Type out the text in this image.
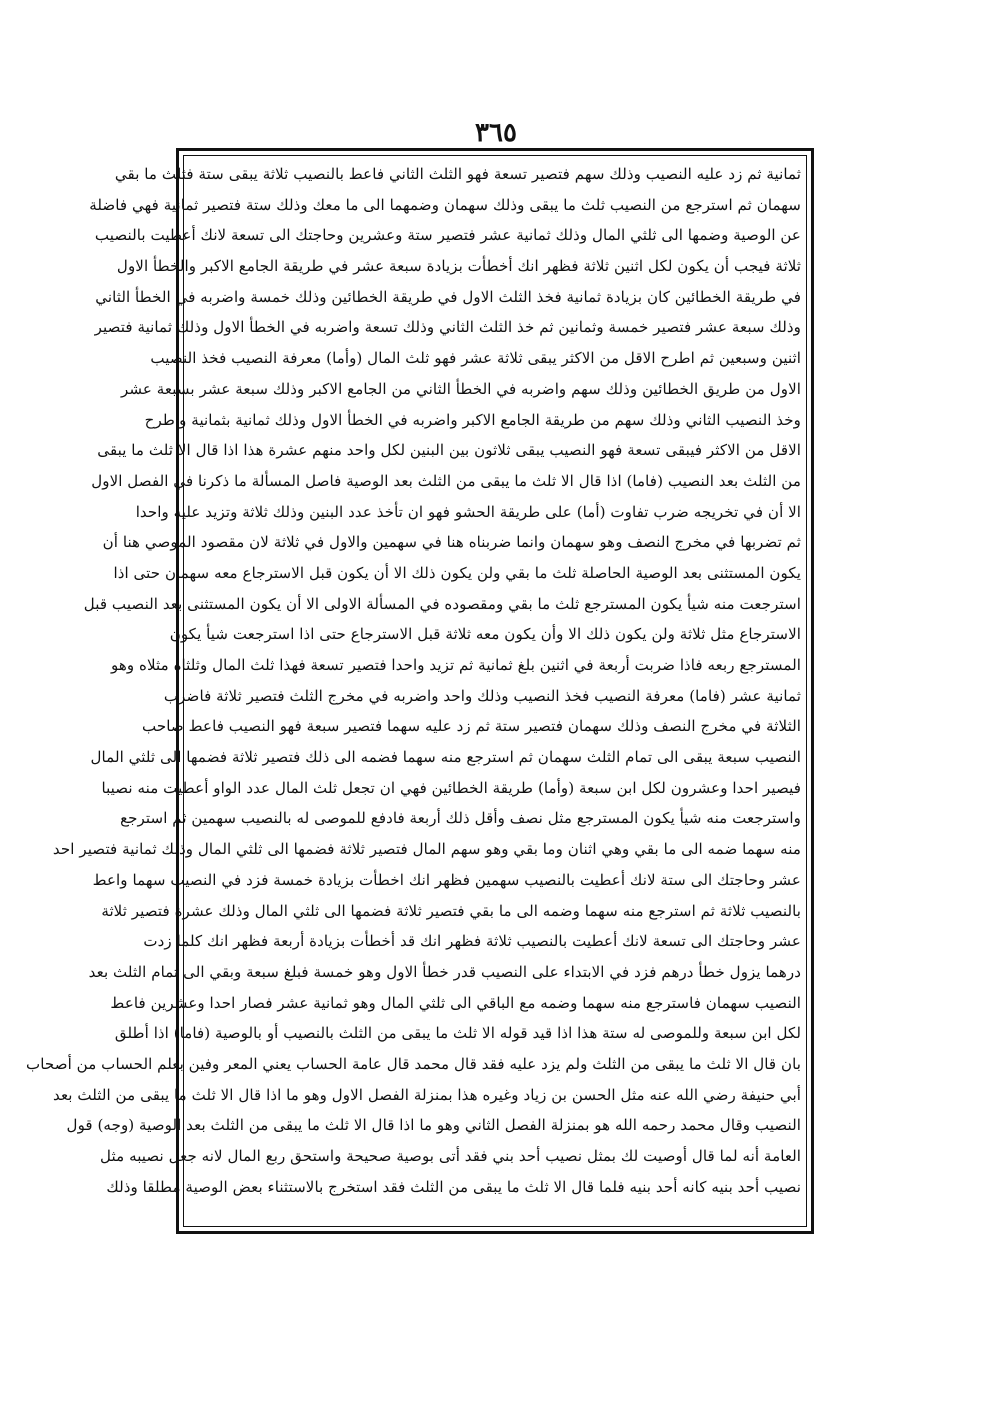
٣٦٥
ثمانية ثم زد عليه النصيب وذلك سهم فتصير تسعة فهو الثلث الثاني فاعط بالنصيب ثلاثة يبقى ستة فثلث ما بقي
سهمان ثم استرجع من النصيب ثلث ما يبقى وذلك سهمان وضمهما الى ما معك وذلك ستة فتصير ثمانية فهي فاضلة
عن الوصية وضمها الى ثلثي المال وذلك ثمانية عشر فتصير ستة وعشرين وحاجتك الى تسعة لانك أعطيت بالنصيب
ثلاثة فيجب أن يكون لكل اثنين ثلاثة فظهر انك أخطأت بزيادة سبعة عشر في طريقة الجامع الاكبر والخطأ الاول
في طريقة الخطائين كان بزيادة ثمانية فخذ الثلث الاول في طريقة الخطائين وذلك خمسة واضربه في الخطأ الثاني
وذلك سبعة عشر فتصير خمسة وثمانين ثم خذ الثلث الثاني وذلك تسعة واضربه في الخطأ الاول وذلك ثمانية فتصير
اثنين وسبعين ثم اطرح الاقل من الاكثر يبقى ثلاثة عشر فهو ثلث المال (وأما) معرفة النصيب فخذ النصيب
الاول من طريق الخطائين وذلك سهم واضربه في الخطأ الثاني من الجامع الاكبر وذلك سبعة عشر بسبعة عشر
وخذ النصيب الثاني وذلك سهم من طريقة الجامع الاكبر واضربه في الخطأ الاول وذلك ثمانية بثمانية واطرح
الاقل من الاكثر فيبقى تسعة فهو النصيب يبقى ثلاثون بين البنين لكل واحد منهم عشرة هذا اذا قال الا ثلث ما يبقى
من الثلث بعد النصيب (فاما) اذا قال الا ثلث ما يبقى من الثلث بعد الوصية فاصل المسألة ما ذكرنا في الفصل الاول
الا أن في تخريجه ضرب تفاوت (أما) على طريقة الحشو فهو ان تأخذ عدد البنين وذلك ثلاثة وتزيد عليه واحدا
ثم تضربها في مخرج النصف وهو سهمان وانما ضربناه هنا في سهمين والاول في ثلاثة لان مقصود الموصي هنا أن
يكون المستثنى بعد الوصية الحاصلة ثلث ما بقي ولن يكون ذلك الا أن يكون قبل الاسترجاع معه سهمان حتى اذا
استرجعت منه شيأ يكون المسترجع ثلث ما بقي ومقصوده في المسألة الاولى الا أن يكون المستثنى بعد النصيب قبل
الاسترجاع مثل ثلاثة ولن يكون ذلك الا وأن يكون معه ثلاثة قبل الاسترجاع حتى اذا استرجعت شيأ يكون
المسترجع ربعه فاذا ضربت أربعة في اثنين بلغ ثمانية ثم تزيد واحدا فتصير تسعة فهذا ثلث المال وثلثاه مثلاه وهو
ثمانية عشر (فاما) معرفة النصيب فخذ النصيب وذلك واحد واضربه في مخرج الثلث فتصير ثلاثة فاضرب
الثلاثة في مخرج النصف وذلك سهمان فتصير ستة ثم زد عليه سهما فتصير سبعة فهو النصيب فاعط صاحب
النصيب سبعة يبقى الى تمام الثلث سهمان ثم استرجع منه سهما فضمه الى ذلك فتصير ثلاثة فضمها الى ثلثي المال
فيصير احدا وعشرون لكل ابن سبعة (وأما) طريقة الخطائين فهي ان تجعل ثلث المال عدد الواو أعطيت منه نصيبا
واسترجعت منه شيأ يكون المسترجع مثل نصف وأقل ذلك أربعة فادفع للموصى له بالنصيب سهمين ثم استرجع
منه سهما ضمه الى ما بقي وهي اثنان وما بقي وهو سهم المال فتصير ثلاثة فضمها الى ثلثي المال وذلك ثمانية فتصير احد
عشر وحاجتك الى ستة لانك أعطيت بالنصيب سهمين فظهر انك اخطأت بزيادة خمسة فزد في النصيب سهما واعط
بالنصيب ثلاثة ثم استرجع منه سهما وضمه الى ما بقي فتصير ثلاثة فضمها الى ثلثي المال وذلك عشرة فتصير ثلاثة
عشر وحاجتك الى تسعة لانك أعطيت بالنصيب ثلاثة فظهر انك قد أخطأت بزيادة أربعة فظهر انك كلما زدت
درهما يزول خطأ درهم فزد في الابتداء على النصيب قدر خطأ الاول وهو خمسة فبلغ سبعة وبقي الى تمام الثلث بعد
النصيب سهمان فاسترجع منه سهما وضمه مع الباقي الى ثلثي المال وهو ثمانية عشر فصار احدا وعشرين فاعط
لكل ابن سبعة وللموصى له ستة هذا اذا قيد قوله الا ثلث ما يبقى من الثلث بالنصيب أو بالوصية (فاما) اذا أطلق
بان قال الا ثلث ما يبقى من الثلث ولم يزد عليه فقد قال محمد قال عامة الحساب يعني المعر وفين بعلم الحساب من أصحاب
أبي حنيفة رضي الله عنه مثل الحسن بن زياد وغيره هذا بمنزلة الفصل الاول وهو ما اذا قال الا ثلث ما يبقى من الثلث بعد
النصيب وقال محمد رحمه الله هو بمنزلة الفصل الثاني وهو ما اذا قال الا ثلث ما يبقى من الثلث بعد الوصية (وجه) قول
العامة أنه لما قال أوصيت لك بمثل نصيب أحد بني فقد أتى بوصية صحيحة واستحق ربع المال لانه جعل نصيبه مثل
نصيب أحد بنيه كانه أحد بنيه فلما قال الا ثلث ما يبقى من الثلث فقد استخرج بالاستثناء بعض الوصية مطلقا وذلك
